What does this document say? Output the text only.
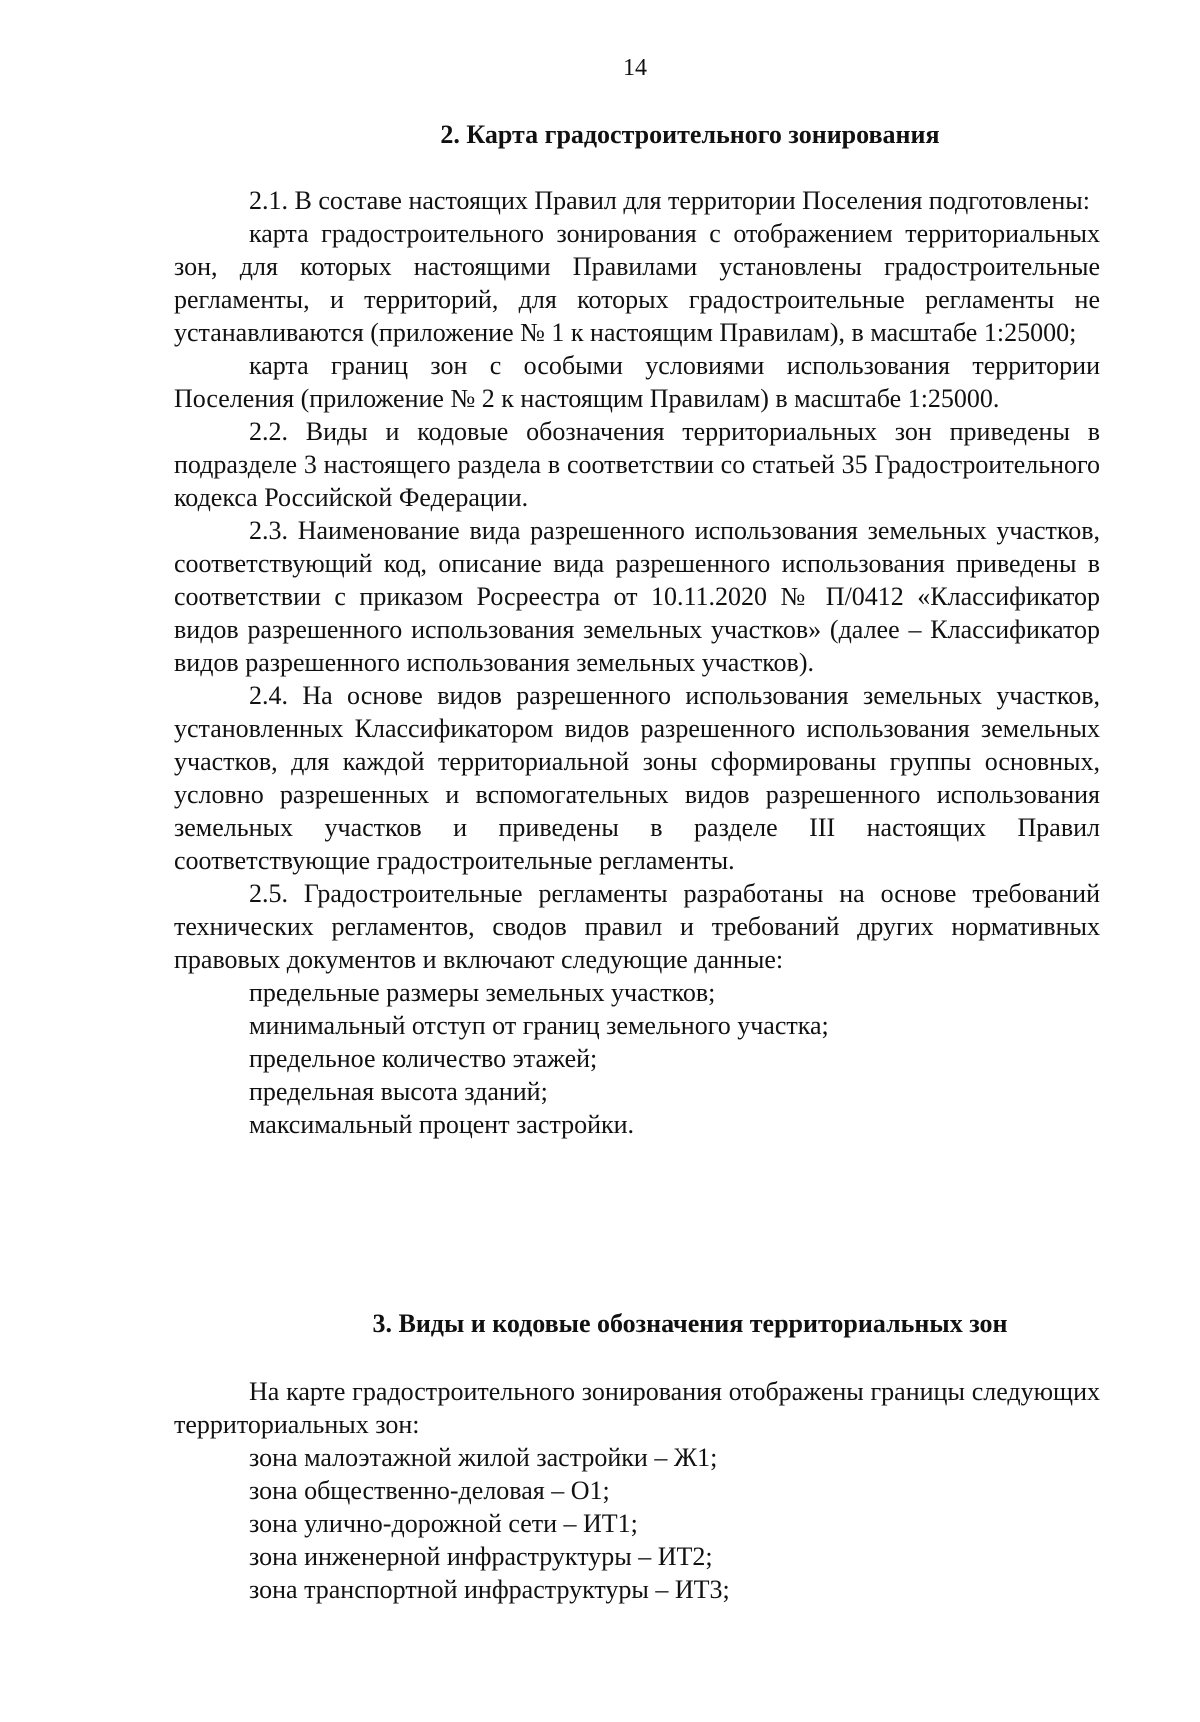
14
2. Карта градостроительного зонирования

2.1. В составе настоящих Правил для территории Поселения подготовлены:

карта градостроительного зонирования с отображением территориальных зон, для которых настоящими Правилами установлены градостроительные регламенты, и территорий, для которых градостроительные регламенты не устанавливаются (приложение № 1 к настоящим Правилам), в масштабе 1:25000;

карта границ зон с особыми условиями использования территории Поселения (приложение № 2 к настоящим Правилам) в масштабе 1:25000.

2.2. Виды и кодовые обозначения территориальных зон приведены в подразделе 3 настоящего раздела в соответствии со статьей 35 Градостроительного кодекса Российской Федерации.

2.3. Наименование вида разрешенного использования земельных участков, соответствующий код, описание вида разрешенного использования приведены в соответствии с приказом Росреестра от 10.11.2020 № П/0412 «Классификатор видов разрешенного использования земельных участков» (далее – Классификатор видов разрешенного использования земельных участков).

2.4. На основе видов разрешенного использования земельных участков, установленных Классификатором видов разрешенного использования земельных участков, для каждой территориальной зоны сформированы группы основных, условно разрешенных и вспомогательных видов разрешенного использования земельных участков и приведены в разделе III настоящих Правил соответствующие градостроительные регламенты.

2.5. Градостроительные регламенты разработаны на основе требований технических регламентов, сводов правил и требований других нормативных правовых документов и включают следующие данные:

предельные размеры земельных участков;

минимальный отступ от границ земельного участка;

предельное количество этажей;

предельная высота зданий;

максимальный процент застройки.

3. Виды и кодовые обозначения территориальных зон

На карте градостроительного зонирования отображены границы следующих территориальных зон:

зона малоэтажной жилой застройки – Ж1;

зона общественно-деловая – О1;

зона улично-дорожной сети – ИТ1;

зона инженерной инфраструктуры – ИТ2;

зона транспортной инфраструктуры – ИТ3;
